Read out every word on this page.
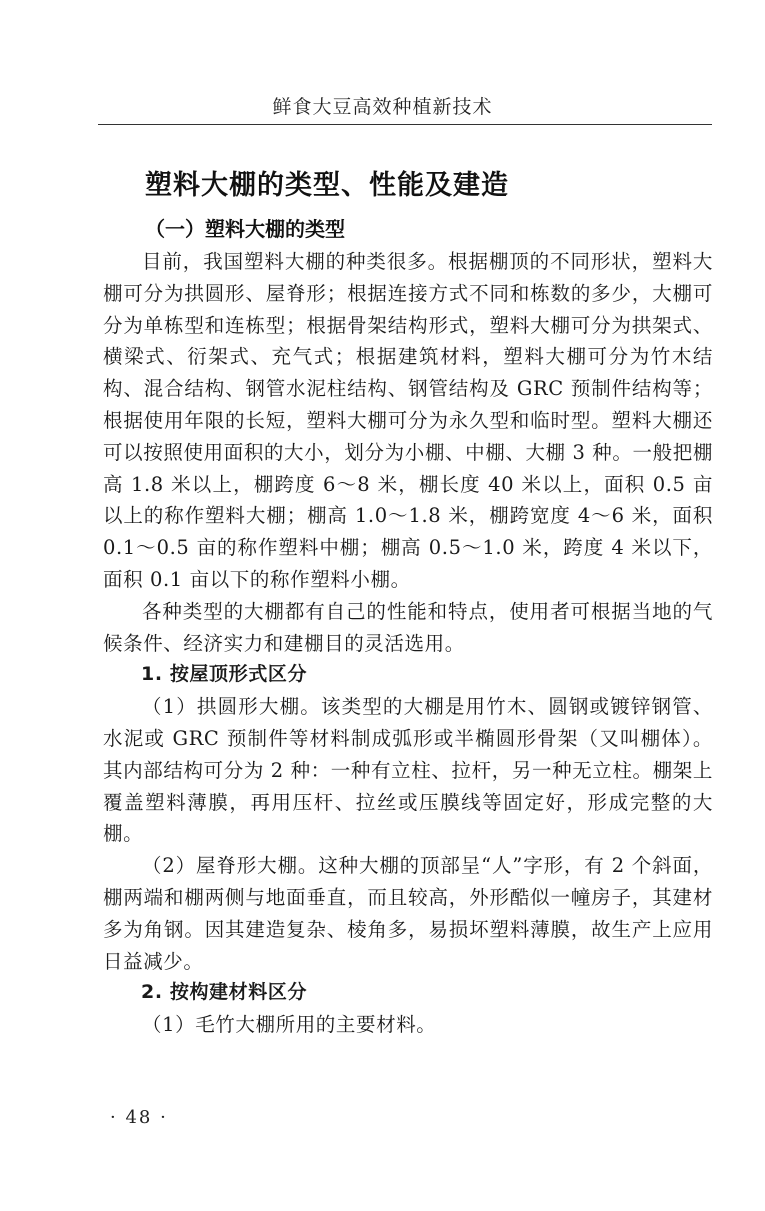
鲜食大豆高效种植新技术
塑料大棚的类型、性能及建造
（一）塑料大棚的类型

目前，我国塑料大棚的种类很多。根据棚顶的不同形状，塑料大棚可分为拱圆形、屋脊形；根据连接方式不同和栋数的多少，大棚可分为单栋型和连栋型；根据骨架结构形式，塑料大棚可分为拱架式、横梁式、衍架式、充气式；根据建筑材料，塑料大棚可分为竹木结构、混合结构、钢管水泥柱结构、钢管结构及 GRC 预制件结构等；根据使用年限的长短，塑料大棚可分为永久型和临时型。塑料大棚还可以按照使用面积的大小，划分为小棚、中棚、大棚 3 种。一般把棚高 1.8 米以上，棚跨度 6～8 米，棚长度 40 米以上，面积 0.5 亩以上的称作塑料大棚；棚高 1.0～1.8 米，棚跨宽度 4～6 米，面积 0.1～0.5 亩的称作塑料中棚；棚高 0.5～1.0 米，跨度 4 米以下，面积 0.1 亩以下的称作塑料小棚。

各种类型的大棚都有自己的性能和特点，使用者可根据当地的气候条件、经济实力和建棚目的灵活选用。

1. 按屋顶形式区分

（1）拱圆形大棚。该类型的大棚是用竹木、圆钢或镀锌钢管、水泥或 GRC 预制件等材料制成弧形或半椭圆形骨架（又叫棚体）。其内部结构可分为 2 种：一种有立柱、拉杆，另一种无立柱。棚架上覆盖塑料薄膜，再用压杆、拉丝或压膜线等固定好，形成完整的大棚。

（2）屋脊形大棚。这种大棚的顶部呈“人”字形，有 2 个斜面，棚两端和棚两侧与地面垂直，而且较高，外形酷似一幢房子，其建材多为角钢。因其建造复杂、棱角多，易损坏塑料薄膜，故生产上应用日益减少。

2. 按构建材料区分

（1）毛竹大棚所用的主要材料。

· 48 ·
